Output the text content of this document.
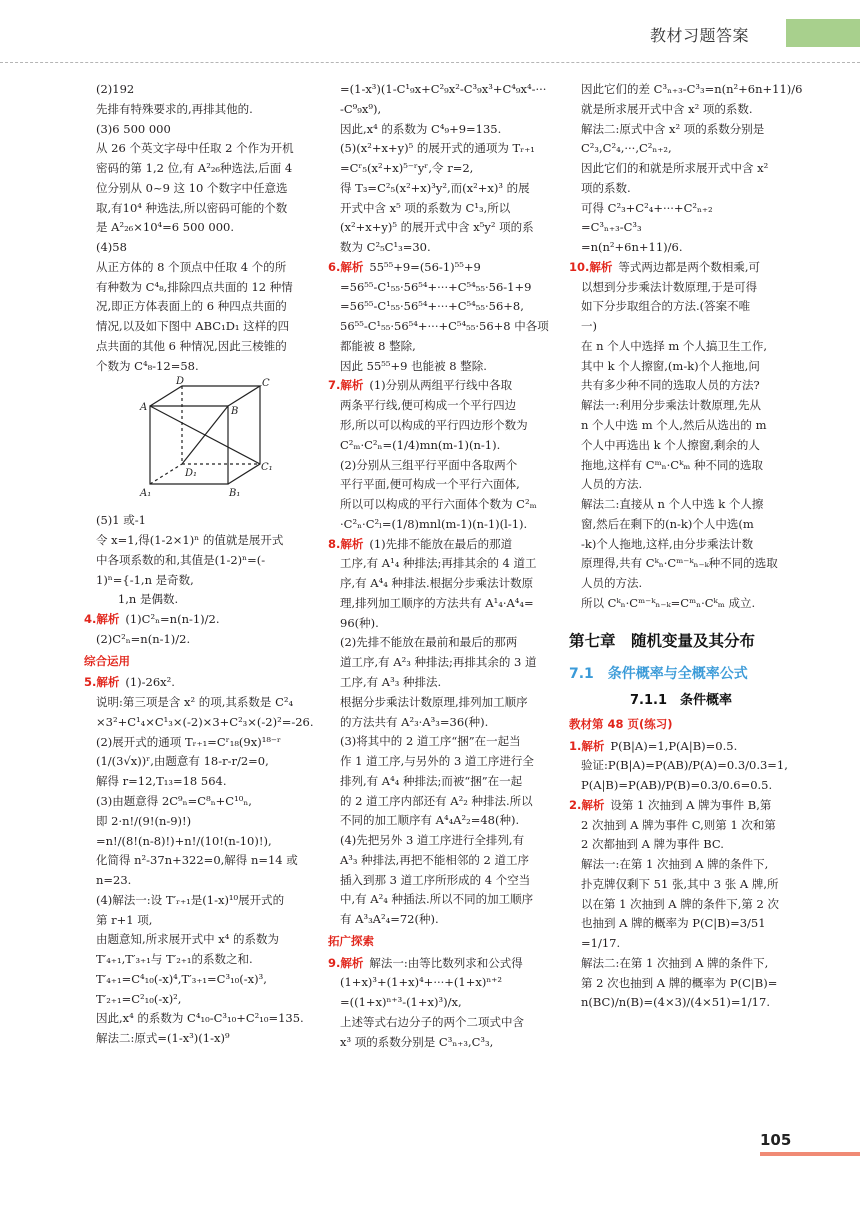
教材习题答案
(2)192
先排有特殊要求的,再排其他的.
(3)6 500 000
从 26 个英文字母中任取 2 个作为开机
密码的第 1,2 位,有 A²₂₆种选法,后面 4
位分别从 0~9 这 10 个数字中任意选
取,有10⁴ 种选法,所以密码可能的个数
是 A²₂₆×10⁴=6 500 000.
(4)58
从正方体的 8 个顶点中任取 4 个的所
有种数为 C⁴₈,排除四点共面的 12 种情
况,即正方体表面上的 6 种四点共面的
情况,以及如下图中 ABC₁D₁ 这样的四
点共面的其他 6 种情况,因此三棱锥的
个数为 C⁴₈-12=58.
D	C
A	B
D₁
C₁
A₁	B₁
(5)1 或-1
令 x=1,得(1-2×1)ⁿ 的值就是展开式
中各项系数的和,其值是(1-2)ⁿ=(-
1)ⁿ={-1,n 是奇数,
1,n 是偶数.
4.解析 (1)C²ₙ=n(n-1)/2.
(2)C²ₙ=n(n-1)/2.
综合运用
5.解析 (1)-26x².
说明:第三项是含 x² 的项,其系数是 C²₄
×3²+C¹₄×C¹₃×(-2)×3+C²₃×(-2)²=-26.
(2)展开式的通项 Tᵣ₊₁=Cʳ₁₈(9x)¹⁸⁻ʳ
(1/(3√x))ʳ,由题意有 18-r-r/2=0,
解得 r=12,T₁₃=18 564.
(3)由题意得 2C⁹ₙ=C⁸ₙ+C¹⁰ₙ,
即 2·n!/(9!(n-9)!)
=n!/(8!(n-8)!)+n!/(10!(n-10)!),
化简得 n²-37n+322=0,解得 n=14 或
n=23.
(4)解法一:设 T′ᵣ₊₁是(1-x)¹⁰展开式的
第 r+1 项,
由题意知,所求展开式中 x⁴ 的系数为
T′₄₊₁,T′₃₊₁与 T′₂₊₁的系数之和.
T′₄₊₁=C⁴₁₀(-x)⁴,T′₃₊₁=C³₁₀(-x)³,
T′₂₊₁=C²₁₀(-x)²,
因此,x⁴ 的系数为 C⁴₁₀-C³₁₀+C²₁₀=135.
解法二:原式=(1-x³)(1-x)⁹
=(1-x³)(1-C¹₉x+C²₉x²-C³₉x³+C⁴₉x⁴-···
-C⁹₉x⁹),
因此,x⁴ 的系数为 C⁴₉+9=135.
(5)(x²+x+y)⁵ 的展开式的通项为 Tᵣ₊₁
=Cʳ₅(x²+x)⁵⁻ʳyʳ,令 r=2,
得 T₃=C²₅(x²+x)³y²,而(x²+x)³ 的展
开式中含 x⁵ 项的系数为 C¹₃,所以
(x²+x+y)⁵ 的展开式中含 x⁵y² 项的系
数为 C²₅C¹₃=30.
6.解析 55⁵⁵+9=(56-1)⁵⁵+9
=56⁵⁵-C¹₅₅·56⁵⁴+···+C⁵⁴₅₅·56-1+9
=56⁵⁵-C¹₅₅·56⁵⁴+···+C⁵⁴₅₅·56+8,
56⁵⁵-C¹₅₅·56⁵⁴+···+C⁵⁴₅₅·56+8 中各项
都能被 8 整除,
因此 55⁵⁵+9 也能被 8 整除.
7.解析 (1)分别从两组平行线中各取
两条平行线,便可构成一个平行四边
形,所以可以构成的平行四边形个数为
C²ₘ·C²ₙ=(1/4)mn(m-1)(n-1).
(2)分别从三组平行平面中各取两个
平行平面,便可构成一个平行六面体,
所以可以构成的平行六面体个数为 C²ₘ
·C²ₙ·C²ₗ=(1/8)mnl(m-1)(n-1)(l-1).
8.解析 (1)先排不能放在最后的那道
工序,有 A¹₄ 种排法;再排其余的 4 道工
序,有 A⁴₄ 种排法.根据分步乘法计数原
理,排列加工顺序的方法共有 A¹₄·A⁴₄=
96(种).
(2)先排不能放在最前和最后的那两
道工序,有 A²₃ 种排法;再排其余的 3 道
工序,有 A³₃ 种排法.
根据分步乘法计数原理,排列加工顺序
的方法共有 A²₃·A³₃=36(种).
(3)将其中的 2 道工序“捆”在一起当
作 1 道工序,与另外的 3 道工序进行全
排列,有 A⁴₄ 种排法;而被“捆”在一起
的 2 道工序内部还有 A²₂ 种排法.所以
不同的加工顺序有 A⁴₄A²₂=48(种).
(4)先把另外 3 道工序进行全排列,有
A³₃ 种排法,再把不能相邻的 2 道工序
插入到那 3 道工序所形成的 4 个空当
中,有 A²₄ 种插法.所以不同的加工顺序
有 A³₃A²₄=72(种).
拓广探索
9.解析 解法一:由等比数列求和公式得
(1+x)³+(1+x)⁴+···+(1+x)ⁿ⁺²
=((1+x)ⁿ⁺³-(1+x)³)/x,
上述等式右边分子的两个二项式中含
x³ 项的系数分别是 C³ₙ₊₃,C³₃,
因此它们的差 C³ₙ₊₃-C³₃=n(n²+6n+11)/6
就是所求展开式中含 x² 项的系数.
解法二:原式中含 x² 项的系数分别是
C²₃,C²₄,···,C²ₙ₊₂,
因此它们的和就是所求展开式中含 x²
项的系数.
可得 C²₃+C²₄+···+C²ₙ₊₂
=C³ₙ₊₃-C³₃
=n(n²+6n+11)/6.
10.解析 等式两边都是两个数相乘,可
以想到分步乘法计数原理,于是可得
如下分步取组合的方法.(答案不唯
一)
在 n 个人中选择 m 个人搞卫生工作,
其中 k 个人擦窗,(m-k)个人拖地,问
共有多少种不同的选取人员的方法?
解法一:利用分步乘法计数原理,先从
n 个人中选 m 个人,然后从选出的 m
个人中再选出 k 个人擦窗,剩余的人
拖地,这样有 Cᵐₙ·Cᵏₘ 种不同的选取
人员的方法.
解法二:直接从 n 个人中选 k 个人擦
窗,然后在剩下的(n-k)个人中选(m
-k)个人拖地,这样,由分步乘法计数
原理得,共有 Cᵏₙ·Cᵐ⁻ᵏₙ₋ₖ种不同的选取
人员的方法.
所以 Cᵏₙ·Cᵐ⁻ᵏₙ₋ₖ=Cᵐₙ·Cᵏₘ 成立.
第七章　随机变量及其分布
7.1　条件概率与全概率公式
7.1.1　条件概率
教材第 48 页(练习)
1.解析 P(B|A)=1,P(A|B)=0.5.
验证:P(B|A)=P(AB)/P(A)=0.3/0.3=1,
P(A|B)=P(AB)/P(B)=0.3/0.6=0.5.
2.解析 设第 1 次抽到 A 牌为事件 B,第
2 次抽到 A 牌为事件 C,则第 1 次和第
2 次都抽到 A 牌为事件 BC.
解法一:在第 1 次抽到 A 牌的条件下,
扑克牌仅剩下 51 张,其中 3 张 A 牌,所
以在第 1 次抽到 A 牌的条件下,第 2 次
也抽到 A 牌的概率为 P(C|B)=3/51
=1/17.
解法二:在第 1 次抽到 A 牌的条件下,
第 2 次也抽到 A 牌的概率为 P(C|B)=
n(BC)/n(B)=(4×3)/(4×51)=1/17.
105
